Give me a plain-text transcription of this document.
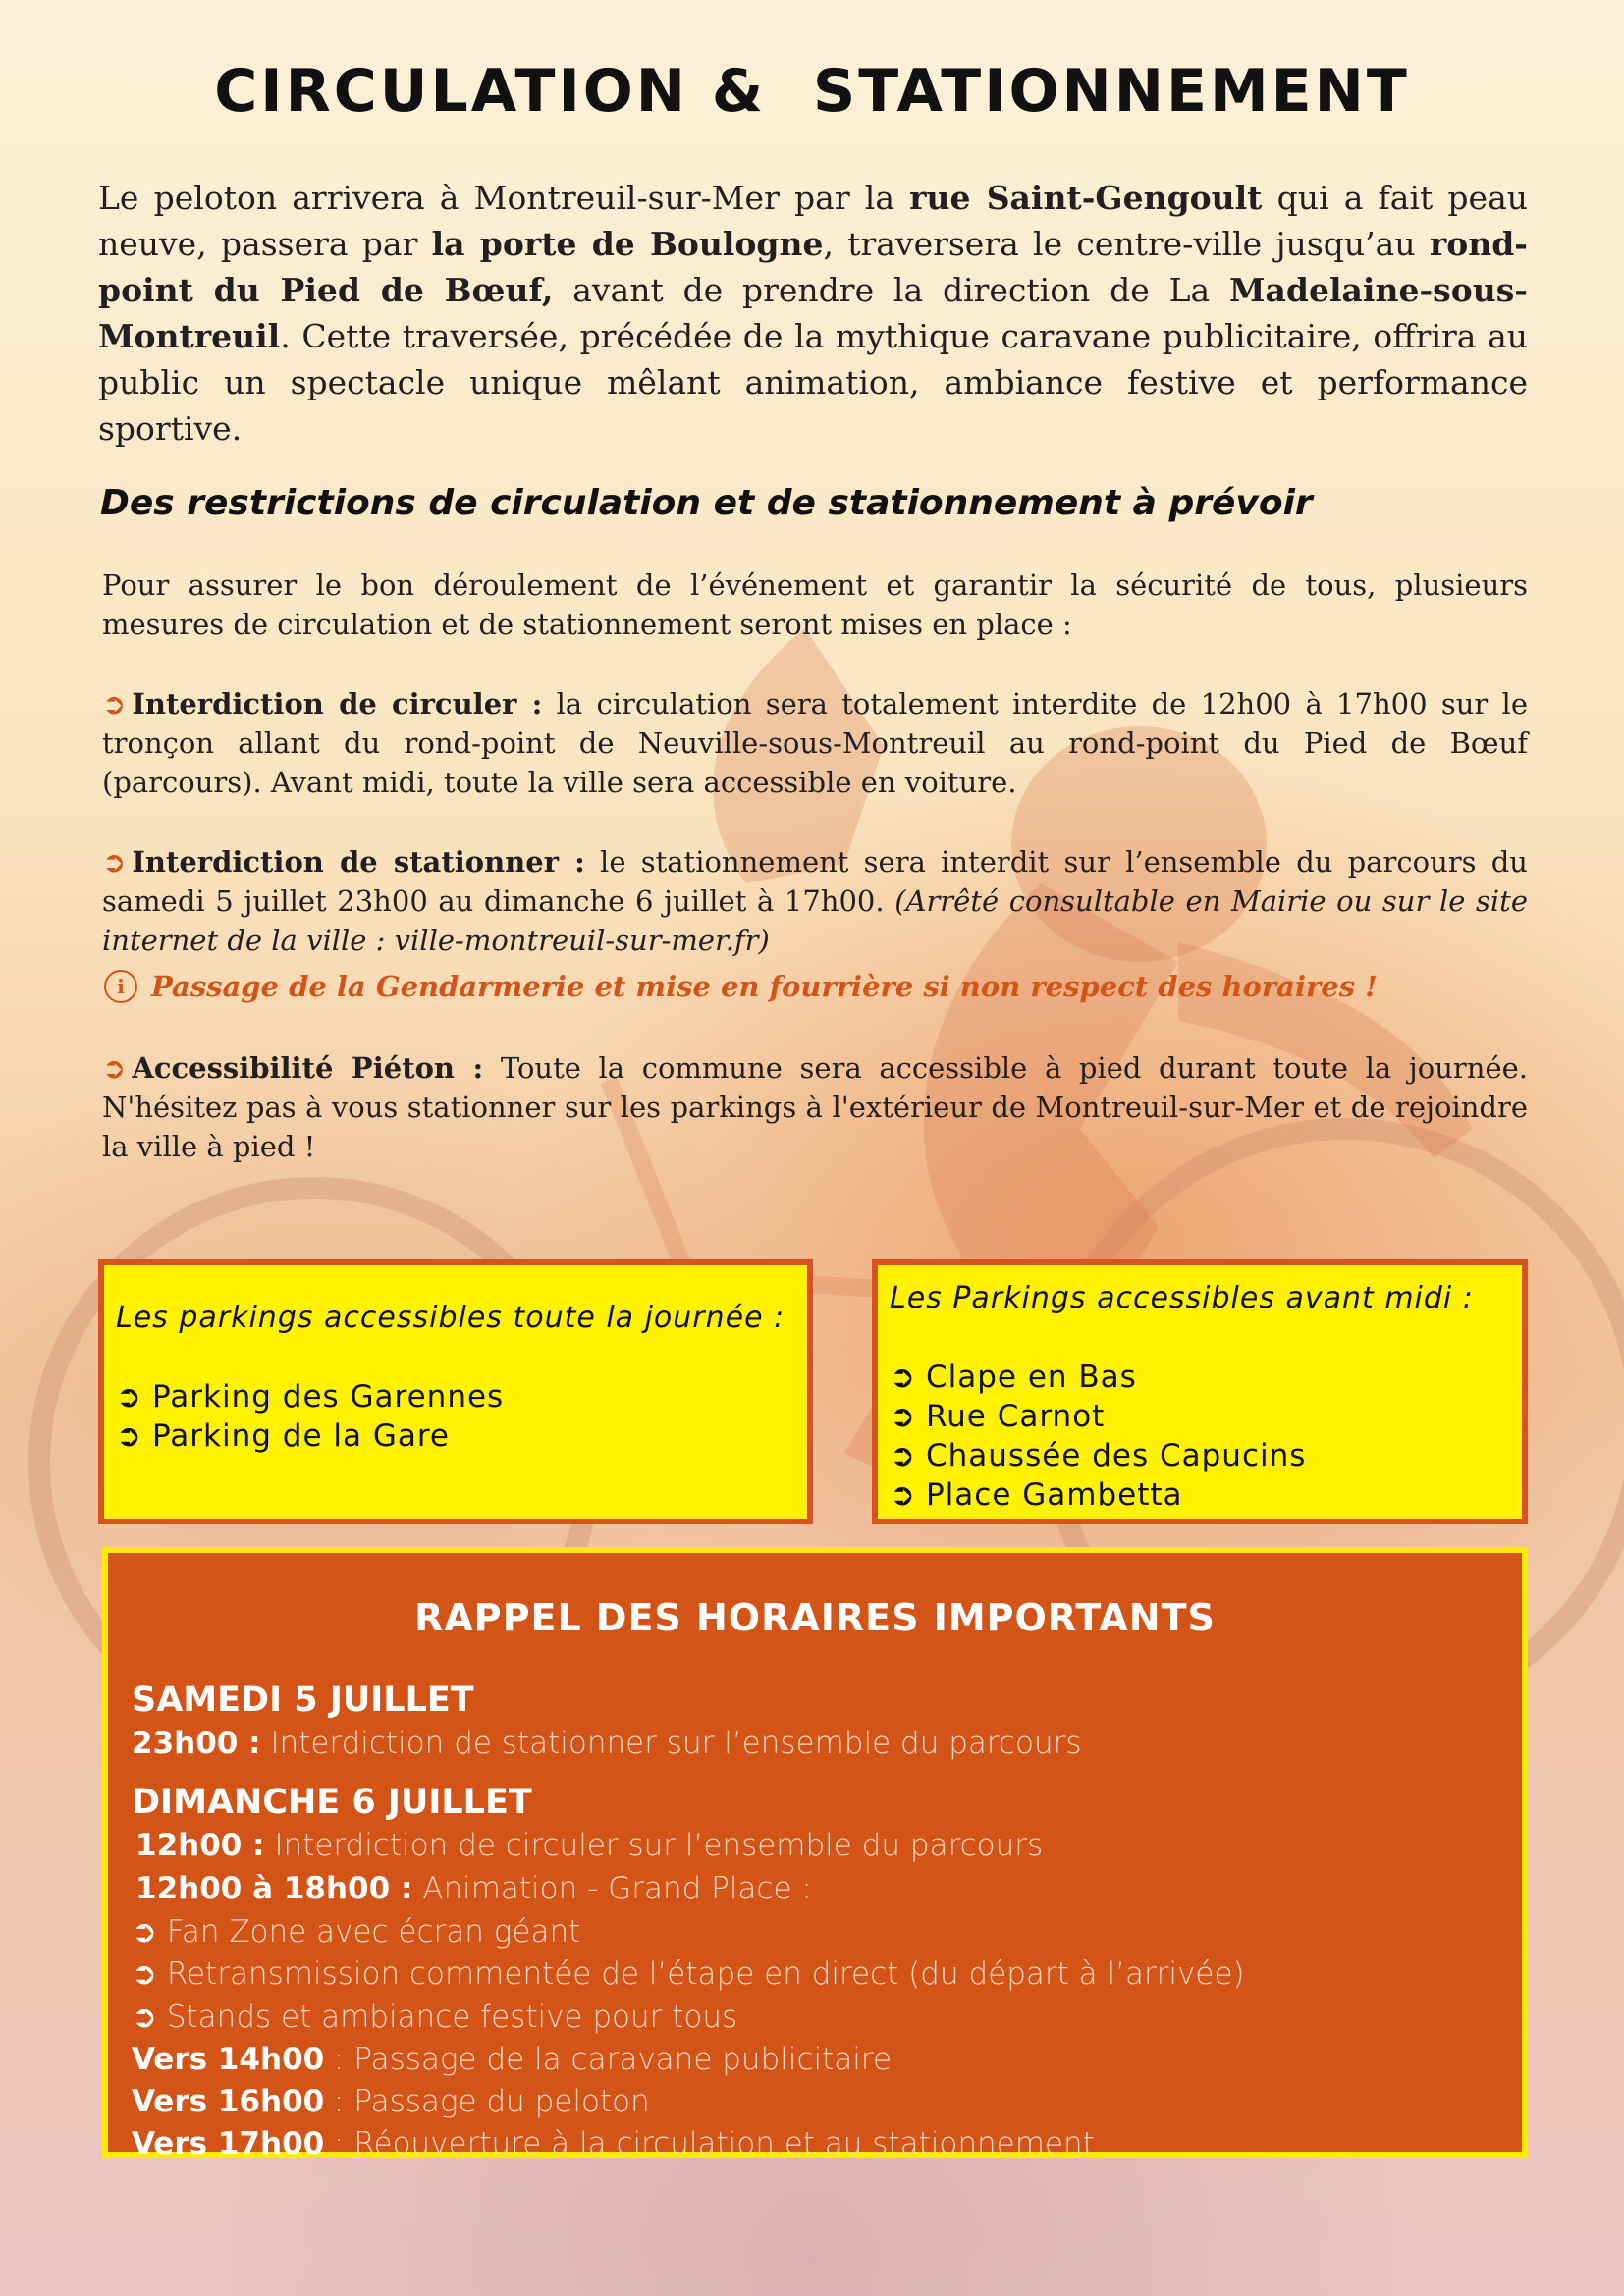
CIRCULATION &  STATIONNEMENT
Le peloton arrivera à Montreuil-sur-Mer par la rue Saint-Gengoult qui a fait peau neuve, passera par la porte de Boulogne, traversera le centre-ville jusqu’au rond-point du Pied de Bœuf, avant de prendre la direction de La Madelaine-sous-Montreuil. Cette traversée, précédée de la mythique caravane publicitaire, offrira au public un spectacle unique mêlant animation, ambiance festive et performance sportive.
Des restrictions de circulation et de stationnement à prévoir
Pour assurer le bon déroulement de l’événement et garantir la sécurité de tous, plusieurs mesures de circulation et de stationnement seront mises en place :
➲ Interdiction de circuler : la circulation sera totalement interdite de 12h00 à 17h00 sur le tronçon allant du rond-point de Neuville-sous-Montreuil au rond-point du Pied de Bœuf (parcours). Avant midi, toute la ville sera accessible en voiture.
➲ Interdiction de stationner : le stationnement sera interdit sur l’ensemble du parcours du samedi 5 juillet 23h00 au dimanche 6 juillet à 17h00. (Arrêté consultable en Mairie ou sur le site internet de la ville : ville-montreuil-sur-mer.fr)
i Passage de la Gendarmerie et mise en fourrière si non respect des horaires !
➲ Accessibilité Piéton : Toute la commune sera accessible à pied durant toute la journée. N'hésitez pas à vous stationner sur les parkings à l'extérieur de Montreuil-sur-Mer et de rejoindre la ville à pied !
Les parkings accessibles toute la journée :
➲ Parking des Garennes
➲ Parking de la Gare
Les Parkings accessibles avant midi :
➲ Clape en Bas
➲ Rue Carnot
➲ Chaussée des Capucins
➲ Place Gambetta
RAPPEL DES HORAIRES IMPORTANTS
SAMEDI 5 JUILLET
23h00 : Interdiction de stationner sur l’ensemble du parcours
DIMANCHE 6 JUILLET
12h00 : Interdiction de circuler sur l’ensemble du parcours
12h00 à 18h00 : Animation - Grand Place :
➲ Fan Zone avec écran géant
➲ Retransmission commentée de l’étape en direct (du départ à l’arrivée)
➲ Stands et ambiance festive pour tous
Vers 14h00 : Passage de la caravane publicitaire
Vers 16h00 : Passage du peloton
Vers 17h00 : Réouverture à la circulation et au stationnement
